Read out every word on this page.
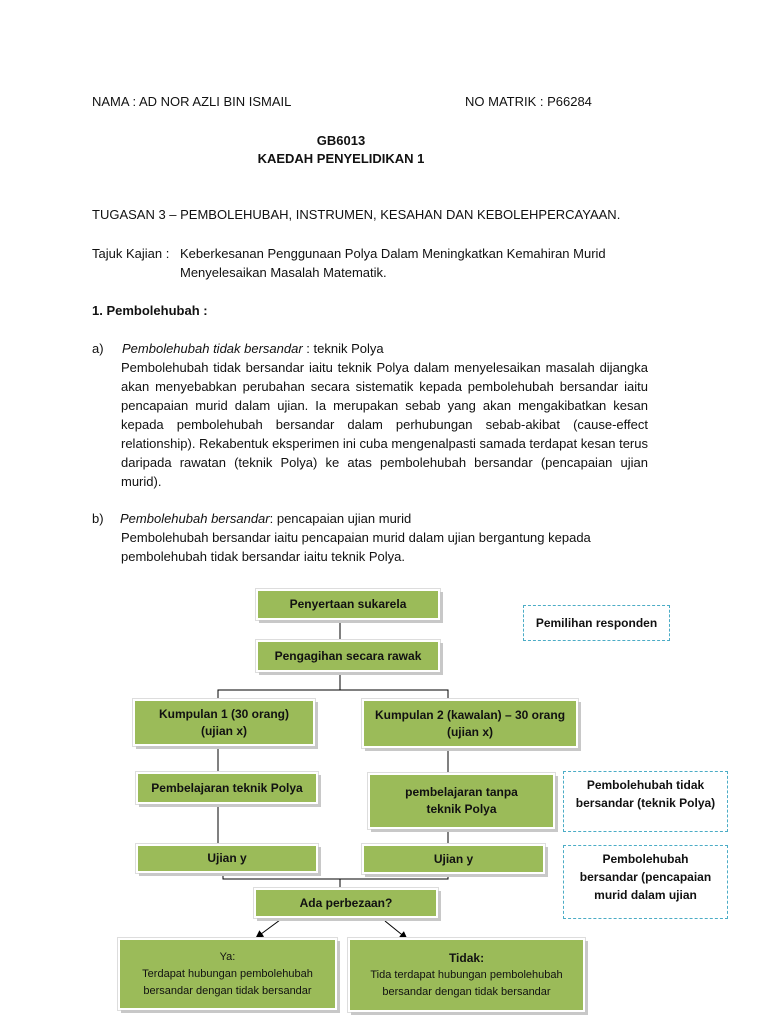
NAMA : AD NOR AZLI BIN ISMAIL	NO MATRIK : P66284
GB6013
KAEDAH PENYELIDIKAN 1
TUGASAN 3 – PEMBOLEHUBAH, INSTRUMEN, KESAHAN DAN KEBOLEHPERCAYAAN.
Tajuk Kajian : Keberkesanan Penggunaan Polya Dalam Meningkatkan Kemahiran Murid
Menyelesaikan Masalah Matematik.
1. Pembolehubah :
a) Pembolehubah tidak bersandar : teknik Polya
Pembolehubah tidak bersandar iaitu teknik Polya dalam menyelesaikan masalah dijangka akan menyebabkan perubahan secara sistematik kepada pembolehubah bersandar iaitu pencapaian murid dalam ujian. Ia merupakan sebab yang akan mengakibatkan kesan kepada pembolehubah bersandar dalam perhubungan sebab-akibat (cause-effect relationship). Rekabentuk eksperimen ini cuba mengenalpasti samada terdapat kesan terus daripada rawatan (teknik Polya) ke atas pembolehubah bersandar (pencapaian ujian murid).
b) Pembolehubah bersandar: pencapaian ujian murid
Pembolehubah bersandar iaitu pencapaian murid dalam ujian bergantung kepada pembolehubah tidak bersandar iaitu teknik Polya.
Penyertaan sukarela
Pengagihan secara rawak
Kumpulan 1 (30 orang)
(ujian x)
Kumpulan 2 (kawalan) – 30 orang
(ujian x)
Pembelajaran teknik Polya	pembelajaran tanpa teknik Polya
Ujian y	Ujian y
Ada perbezaan?
Ya:
Terdapat hubungan pembolehubah bersandar dengan tidak bersandar
Tidak:
Tida terdapat hubungan pembolehubah bersandar dengan tidak bersandar
Pemilihan responden
Pembolehubah tidak bersandar (teknik Polya)
Pembolehubah bersandar (pencapaian murid dalam ujian
